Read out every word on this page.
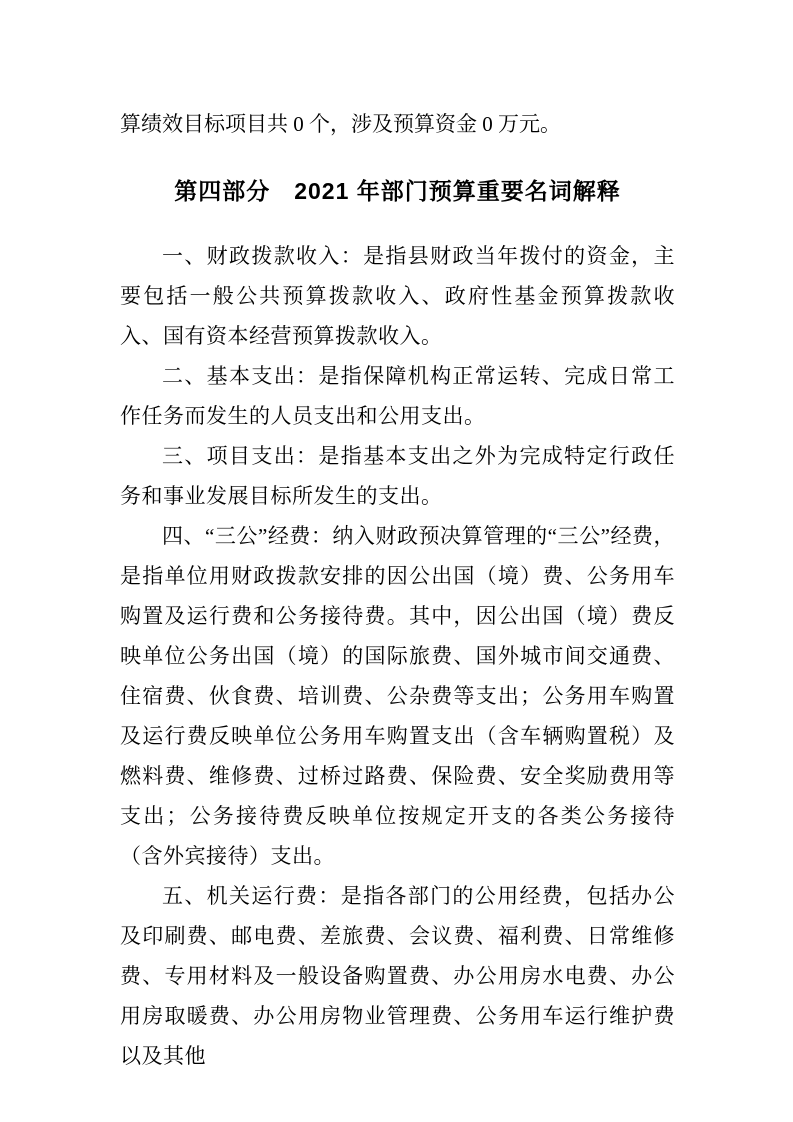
算绩效目标项目共 0 个，涉及预算资金 0 万元。
第四部分　2021 年部门预算重要名词解释

一、财政拨款收入：是指县财政当年拨付的资金，主要包括一般公共预算拨款收入、政府性基金预算拨款收入、国有资本经营预算拨款收入。

二、基本支出：是指保障机构正常运转、完成日常工作任务而发生的人员支出和公用支出。

三、项目支出：是指基本支出之外为完成特定行政任务和事业发展目标所发生的支出。

四、“三公”经费：纳入财政预决算管理的“三公”经费，是指单位用财政拨款安排的因公出国（境）费、公务用车购置及运行费和公务接待费。其中，因公出国（境）费反映单位公务出国（境）的国际旅费、国外城市间交通费、住宿费、伙食费、培训费、公杂费等支出；公务用车购置及运行费反映单位公务用车购置支出（含车辆购置税）及燃料费、维修费、过桥过路费、保险费、安全奖励费用等支出；公务接待费反映单位按规定开支的各类公务接待（含外宾接待）支出。

五、机关运行费：是指各部门的公用经费，包括办公及印刷费、邮电费、差旅费、会议费、福利费、日常维修费、专用材料及一般设备购置费、办公用房水电费、办公用房取暖费、办公用房物业管理费、公务用车运行维护费以及其他
